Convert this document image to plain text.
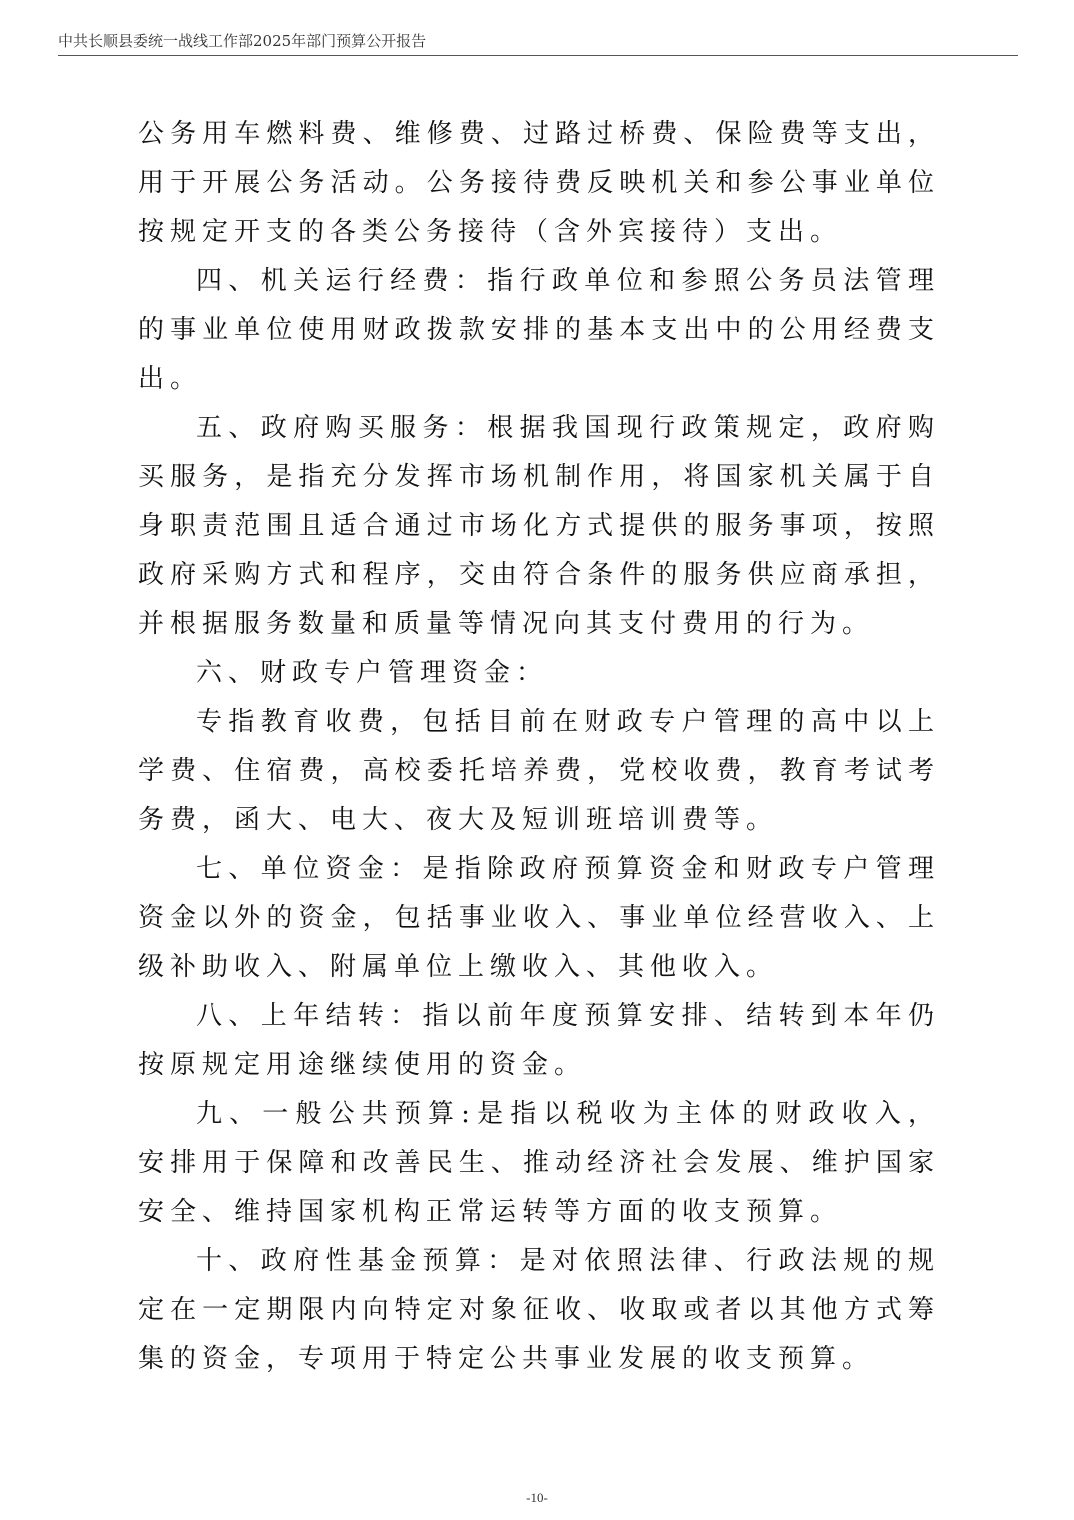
中共长顺县委统一战线工作部2025年部门预算公开报告

公务用车燃料费、维修费、过路过桥费、保险费等支出，用于开展公务活动。公务接待费反映机关和参公事业单位按规定开支的各类公务接待（含外宾接待）支出。

四、机关运行经费：指行政单位和参照公务员法管理的事业单位使用财政拨款安排的基本支出中的公用经费支出。

五、政府购买服务：根据我国现行政策规定，政府购买服务，是指充分发挥市场机制作用，将国家机关属于自身职责范围且适合通过市场化方式提供的服务事项，按照政府采购方式和程序，交由符合条件的服务供应商承担，并根据服务数量和质量等情况向其支付费用的行为。

六、财政专户管理资金：

专指教育收费，包括目前在财政专户管理的高中以上学费、住宿费，高校委托培养费，党校收费，教育考试考务费，函大、电大、夜大及短训班培训费等。

七、单位资金：是指除政府预算资金和财政专户管理资金以外的资金，包括事业收入、事业单位经营收入、上级补助收入、附属单位上缴收入、其他收入。

八、上年结转：指以前年度预算安排、结转到本年仍按原规定用途继续使用的资金。

九、一般公共预算:是指以税收为主体的财政收入，安排用于保障和改善民生、推动经济社会发展、维护国家安全、维持国家机构正常运转等方面的收支预算。

十、政府性基金预算：是对依照法律、行政法规的规定在一定期限内向特定对象征收、收取或者以其他方式筹集的资金，专项用于特定公共事业发展的收支预算。

-10-
